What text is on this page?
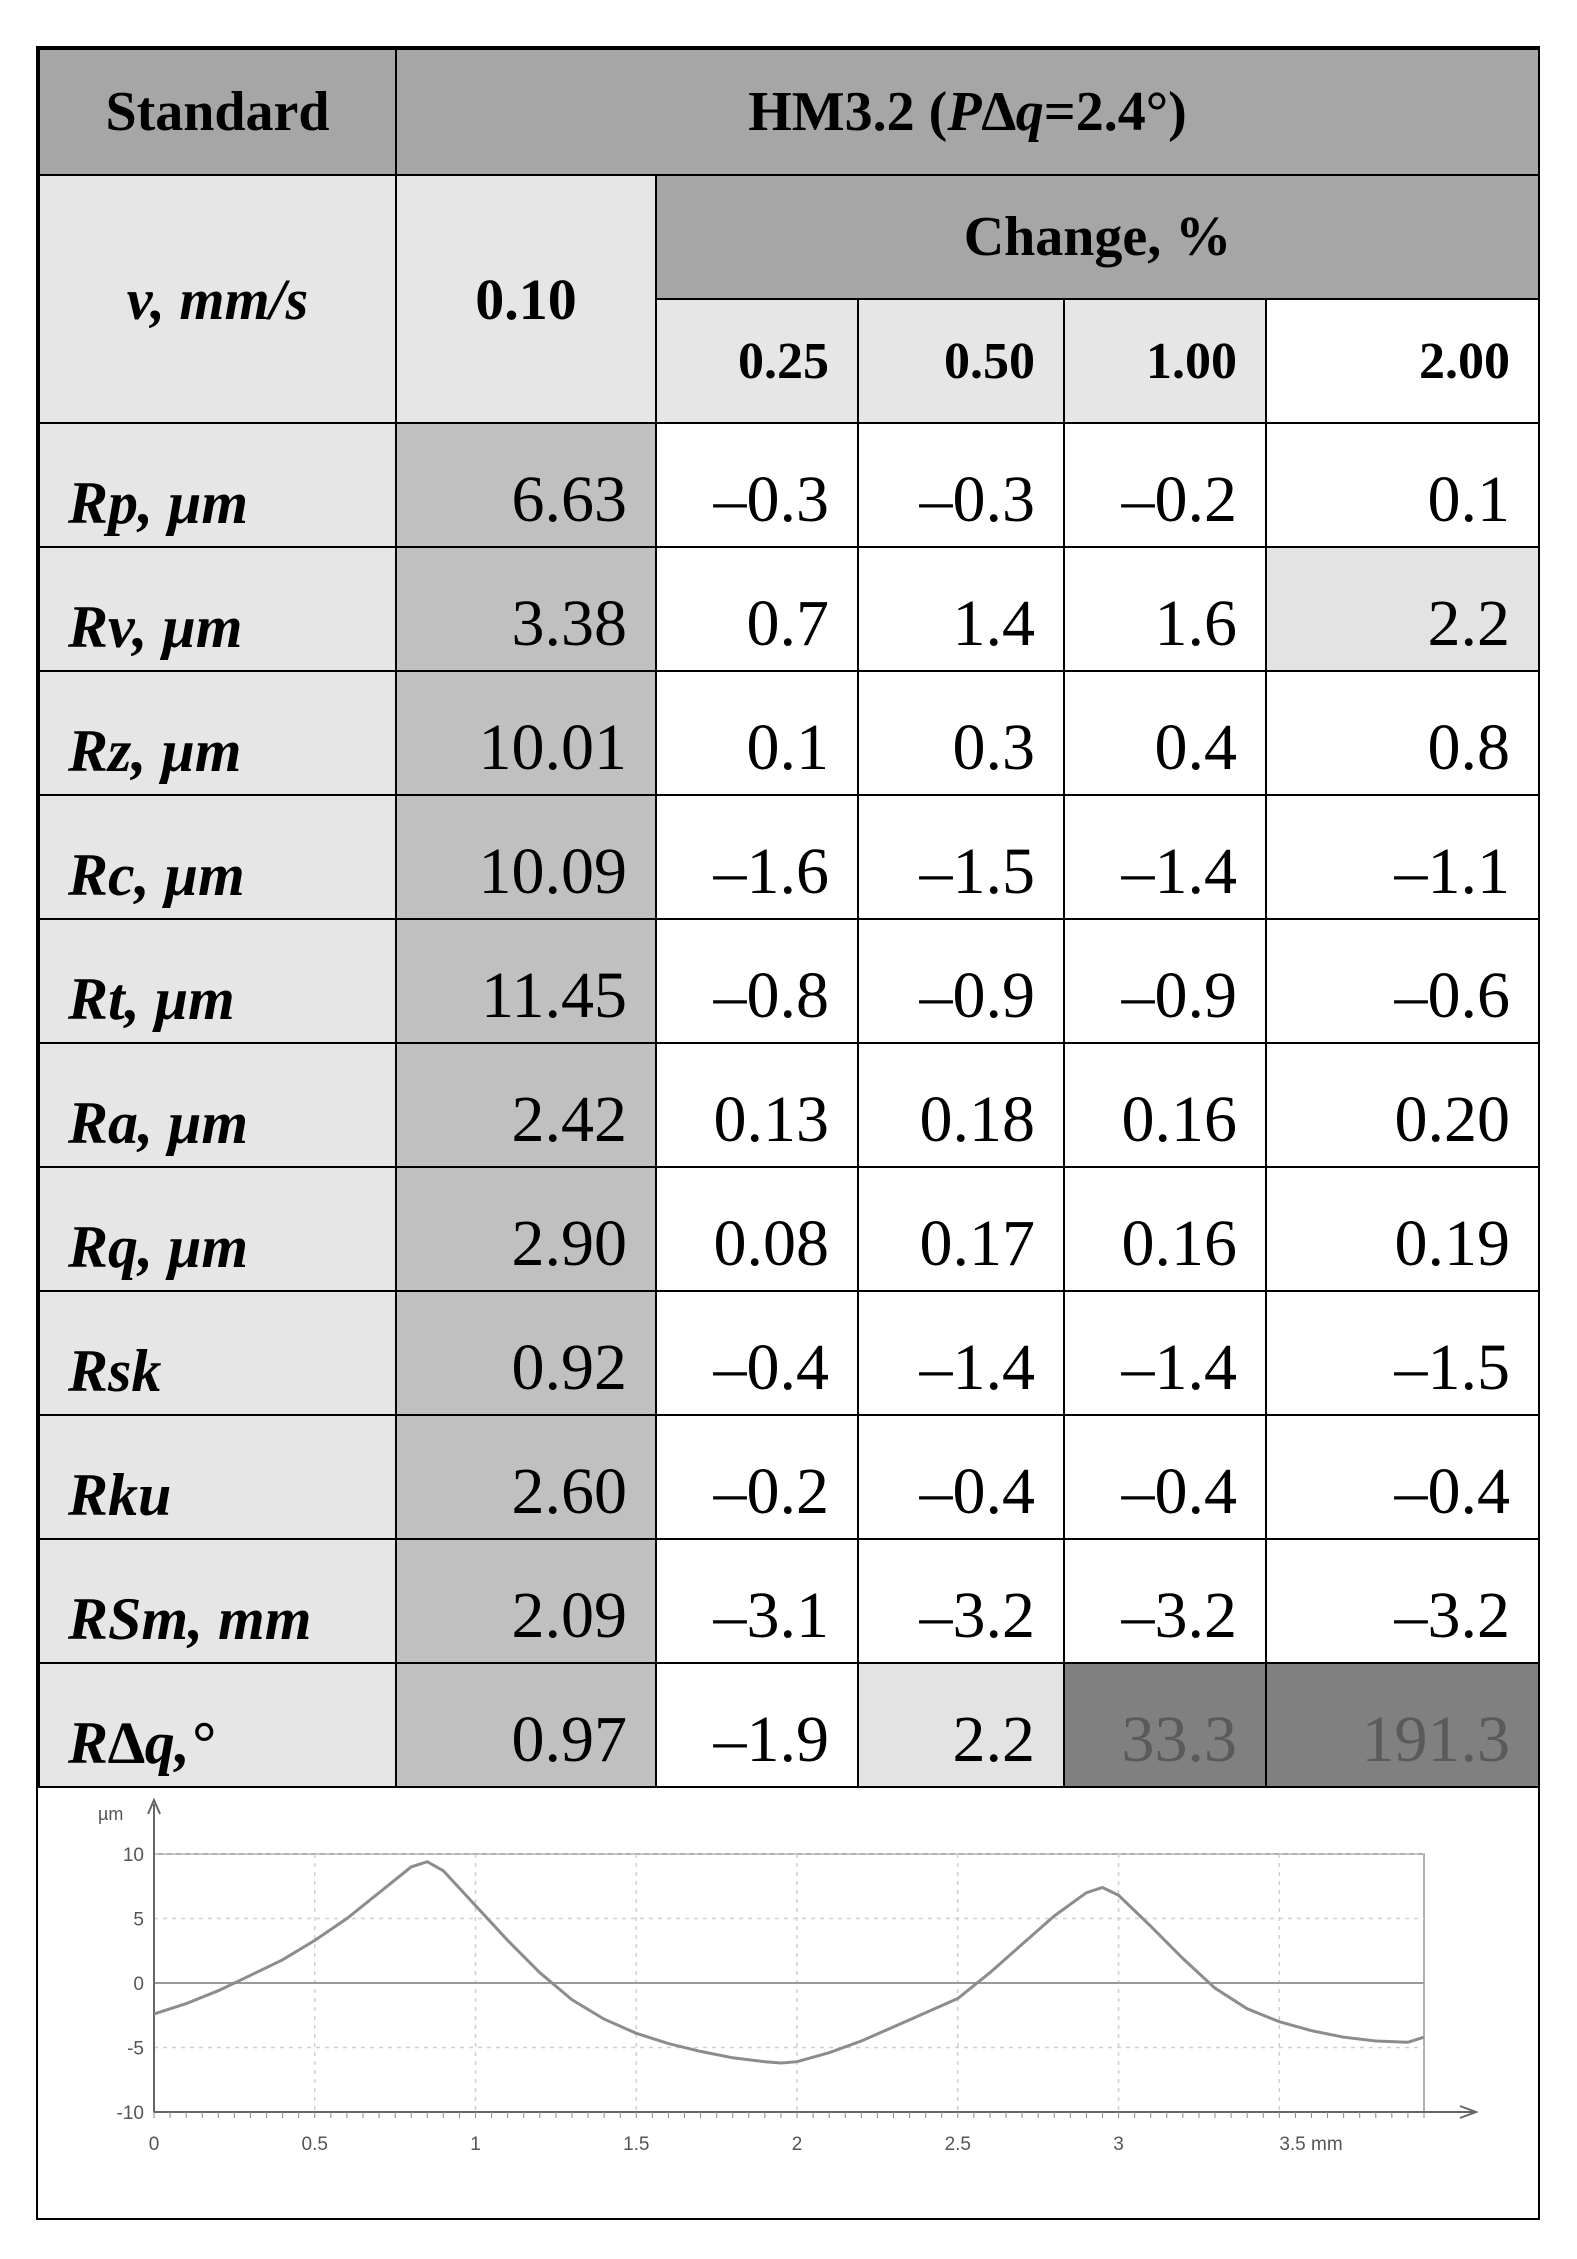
Standard	HM3.2 (P∆q=2.4°)				
v, mm/s	0.10	Change, %			
		0.25	0.50	1.00	2.00
Rp, μm	6.63	–0.3	–0.3	–0.2	0.1
Rv, μm	3.38	0.7	1.4	1.6	2.2
Rz, μm	10.01	0.1	0.3	0.4	0.8
Rc, μm	10.09	–1.6	–1.5	–1.4	–1.1
Rt, μm	11.45	–0.8	–0.9	–0.9	–0.6
Ra, μm	2.42	0.13	0.18	0.16	0.20
Rq, μm	2.90	0.08	0.17	0.16	0.19
Rsk	0.92	–0.4	–1.4	–1.4	–1.5
Rku	2.60	–0.2	–0.4	–0.4	–0.4
RSm, mm	2.09	–3.1	–3.2	–3.2	–3.2
R∆q,°	0.97	–1.9	2.2	33.3	191.3
µm
10
5
0
-5
-10
0	0.5	1	1.5	2	2.5	3	3.5 mm
